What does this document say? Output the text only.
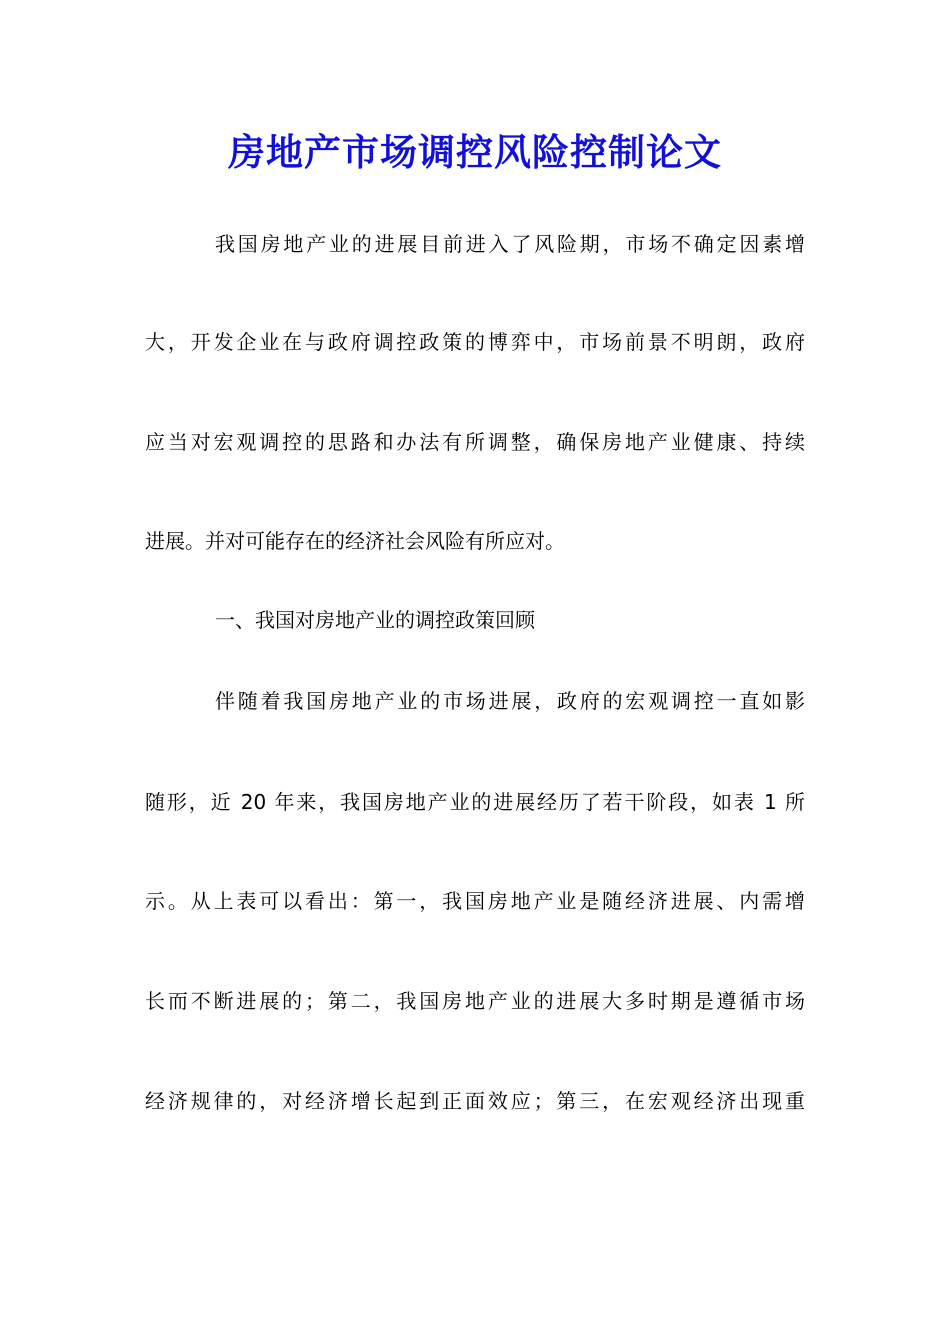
房地产市场调控风险控制论文
我国房地产业的进展目前进入了风险期，市场不确定因素增
大，开发企业在与政府调控政策的博弈中，市场前景不明朗，政府
应当对宏观调控的思路和办法有所调整，确保房地产业健康、持续
进展。并对可能存在的经济社会风险有所应对。
一、我国对房地产业的调控政策回顾
伴随着我国房地产业的市场进展，政府的宏观调控一直如影
随形，近 20 年来，我国房地产业的进展经历了若干阶段，如表 1 所
示。从上表可以看出：第一，我国房地产业是随经济进展、内需增
长而不断进展的；第二，我国房地产业的进展大多时期是遵循市场
经济规律的，对经济增长起到正面效应；第三，在宏观经济出现重
